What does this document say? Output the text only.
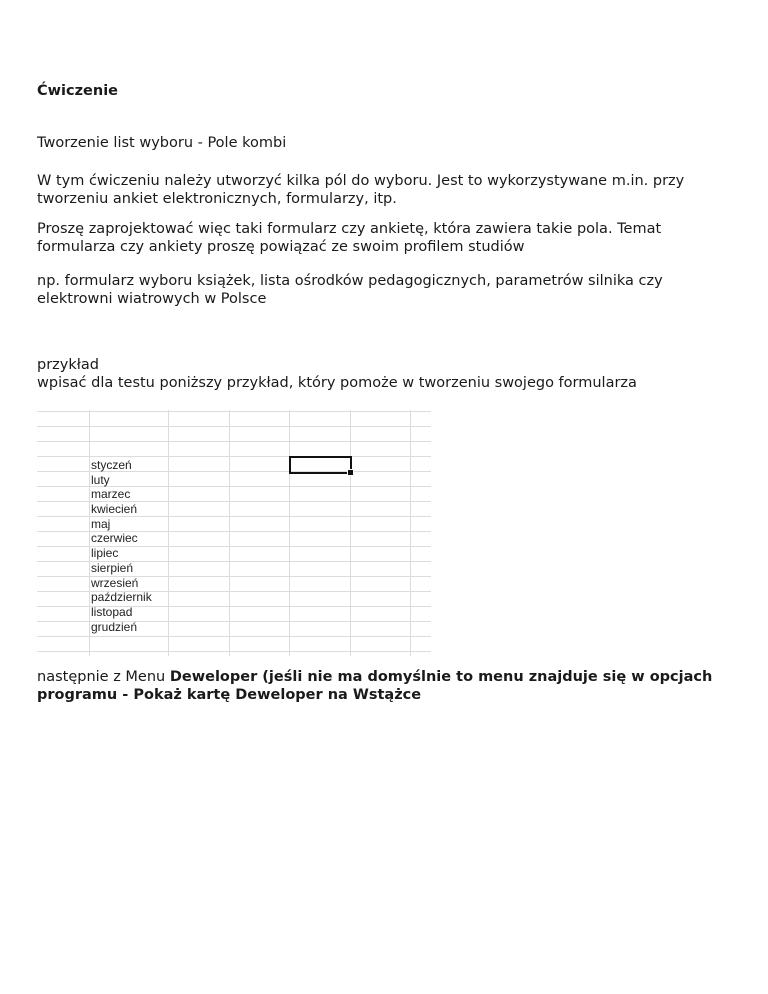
Ćwiczenie

Tworzenie list wyboru - Pole kombi

W tym ćwiczeniu należy utworzyć kilka pól do wyboru. Jest to wykorzystywane m.in. przy tworzeniu ankiet elektronicznych, formularzy, itp.

Proszę zaprojektować więc taki formularz czy ankietę, która zawiera takie pola. Temat formularza czy ankiety proszę powiązać ze swoim profilem studiów

np. formularz wyboru książek, lista ośrodków pedagogicznych, parametrów silnika czy elektrowni wiatrowych w Polsce

przykład
wpisać dla testu poniższy przykład, który pomoże w tworzeniu swojego formularza
styczeń
luty
marzec
kwiecień
maj
czerwiec
lipiec
sierpień
wrzesień
październik
listopad
grudzień

następnie z Menu Deweloper (jeśli nie ma domyślnie to menu znajduje się w opcjach programu - Pokaż kartę Deweloper na Wstążce
